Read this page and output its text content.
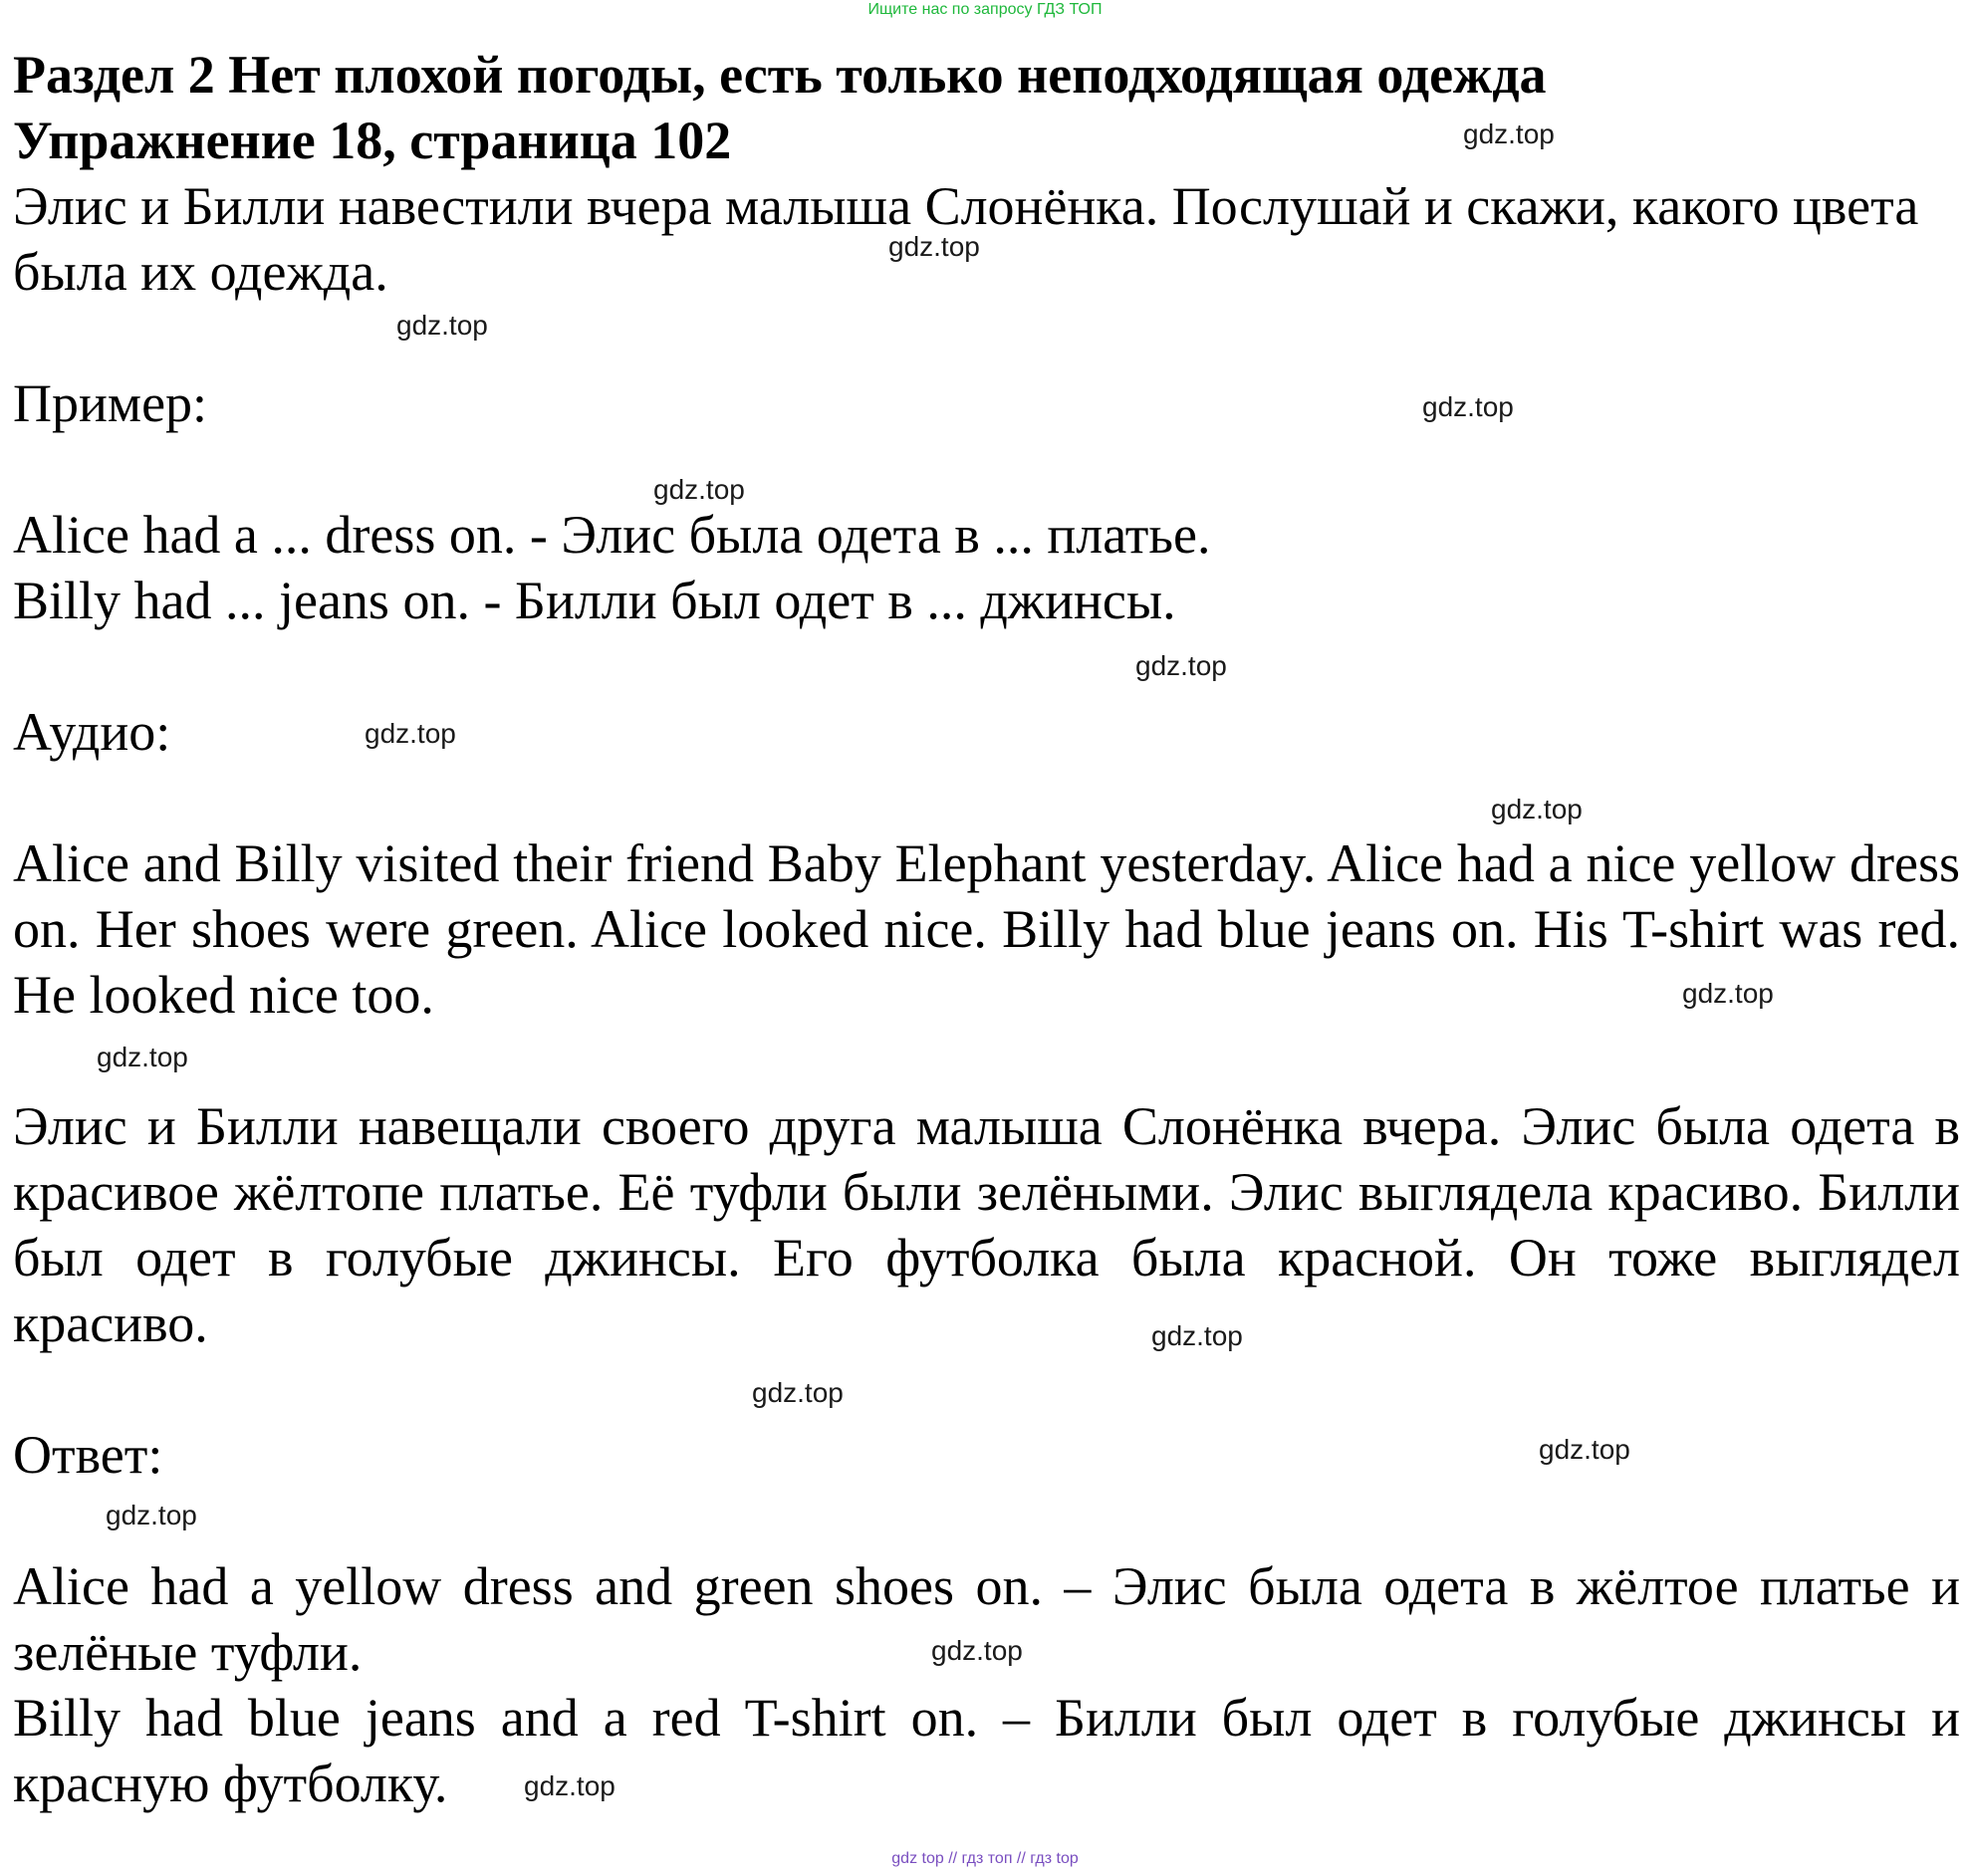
Ищите нас по запросу ГДЗ ТОП

Раздел 2 Нет плохой погоды, есть только неподходящая одежда

Упражнение 18, страница 102

Элис и Билли навестили вчера малыша Слонёнка. Послушай и скажи, какого цвета была их одежда.

Пример:

Alice had a ... dress on. - Элис была одета в ... платье.

Billy had ... jeans on. - Билли был одет в ... джинсы.

Аудио:

Alice and Billy visited their friend Baby Elephant yesterday. Alice had a nice yellow dress on. Her shoes were green. Alice looked nice. Billy had blue jeans on. His T-shirt was red. He looked nice too.

Элис и Билли навещали своего друга малыша Слонёнка вчера. Элис была одета в красивое жёлтопе платье. Её туфли были зелёными. Элис выглядела красиво. Билли был одет в голубые джинсы. Его футболка была красной. Он тоже выглядел красиво.

Ответ:

Alice had a yellow dress and green shoes on. – Элис была одета в жёлтое платье и зелёные туфли.

Billy had blue jeans and a red T-shirt on. – Билли был одет в голубые джинсы и красную футболку.

gdz.top
gdz.top
gdz.top
gdz.top
gdz.top
gdz.top
gdz.top
gdz.top
gdz.top
gdz.top
gdz.top
gdz.top
gdz.top
gdz.top
gdz.top
gdz.top
gdz top // гдз топ // гдз top
